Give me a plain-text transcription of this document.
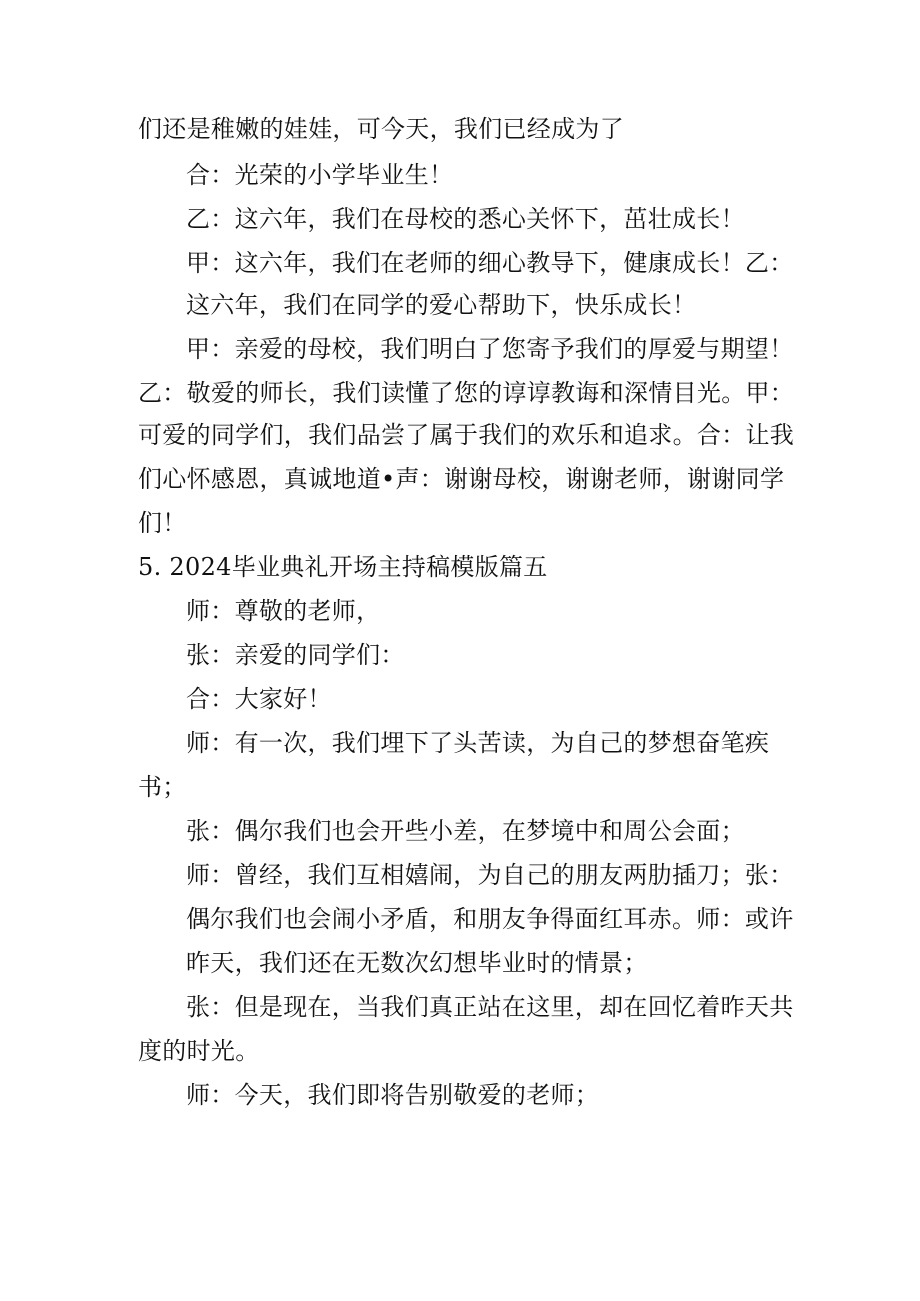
们还是稚嫩的娃娃，可今天，我们已经成为了
合：光荣的小学毕业生！
乙：这六年，我们在母校的悉心关怀下，茁壮成长！
甲：这六年，我们在老师的细心教导下，健康成长！乙：
这六年，我们在同学的爱心帮助下，快乐成长！
甲：亲爱的母校，我们明白了您寄予我们的厚爱与期望！
乙：敬爱的师长，我们读懂了您的谆谆教诲和深情目光。甲：
可爱的同学们，我们品尝了属于我们的欢乐和追求。合：让我
们心怀感恩，真诚地道•声：谢谢母校，谢谢老师，谢谢同学
们！
5. 2024毕业典礼开场主持稿模版篇五
师：尊敬的老师，
张：亲爱的同学们：
合：大家好！
师：有一次，我们埋下了头苦读，为自己的梦想奋笔疾
书；
张：偶尔我们也会开些小差，在梦境中和周公会面；
师：曾经，我们互相嬉闹，为自己的朋友两肋插刀；张：
偶尔我们也会闹小矛盾，和朋友争得面红耳赤。师：或许
昨天，我们还在无数次幻想毕业时的情景；
张：但是现在，当我们真正站在这里，却在回忆着昨天共
度的时光。
师：今天，我们即将告别敬爱的老师；
